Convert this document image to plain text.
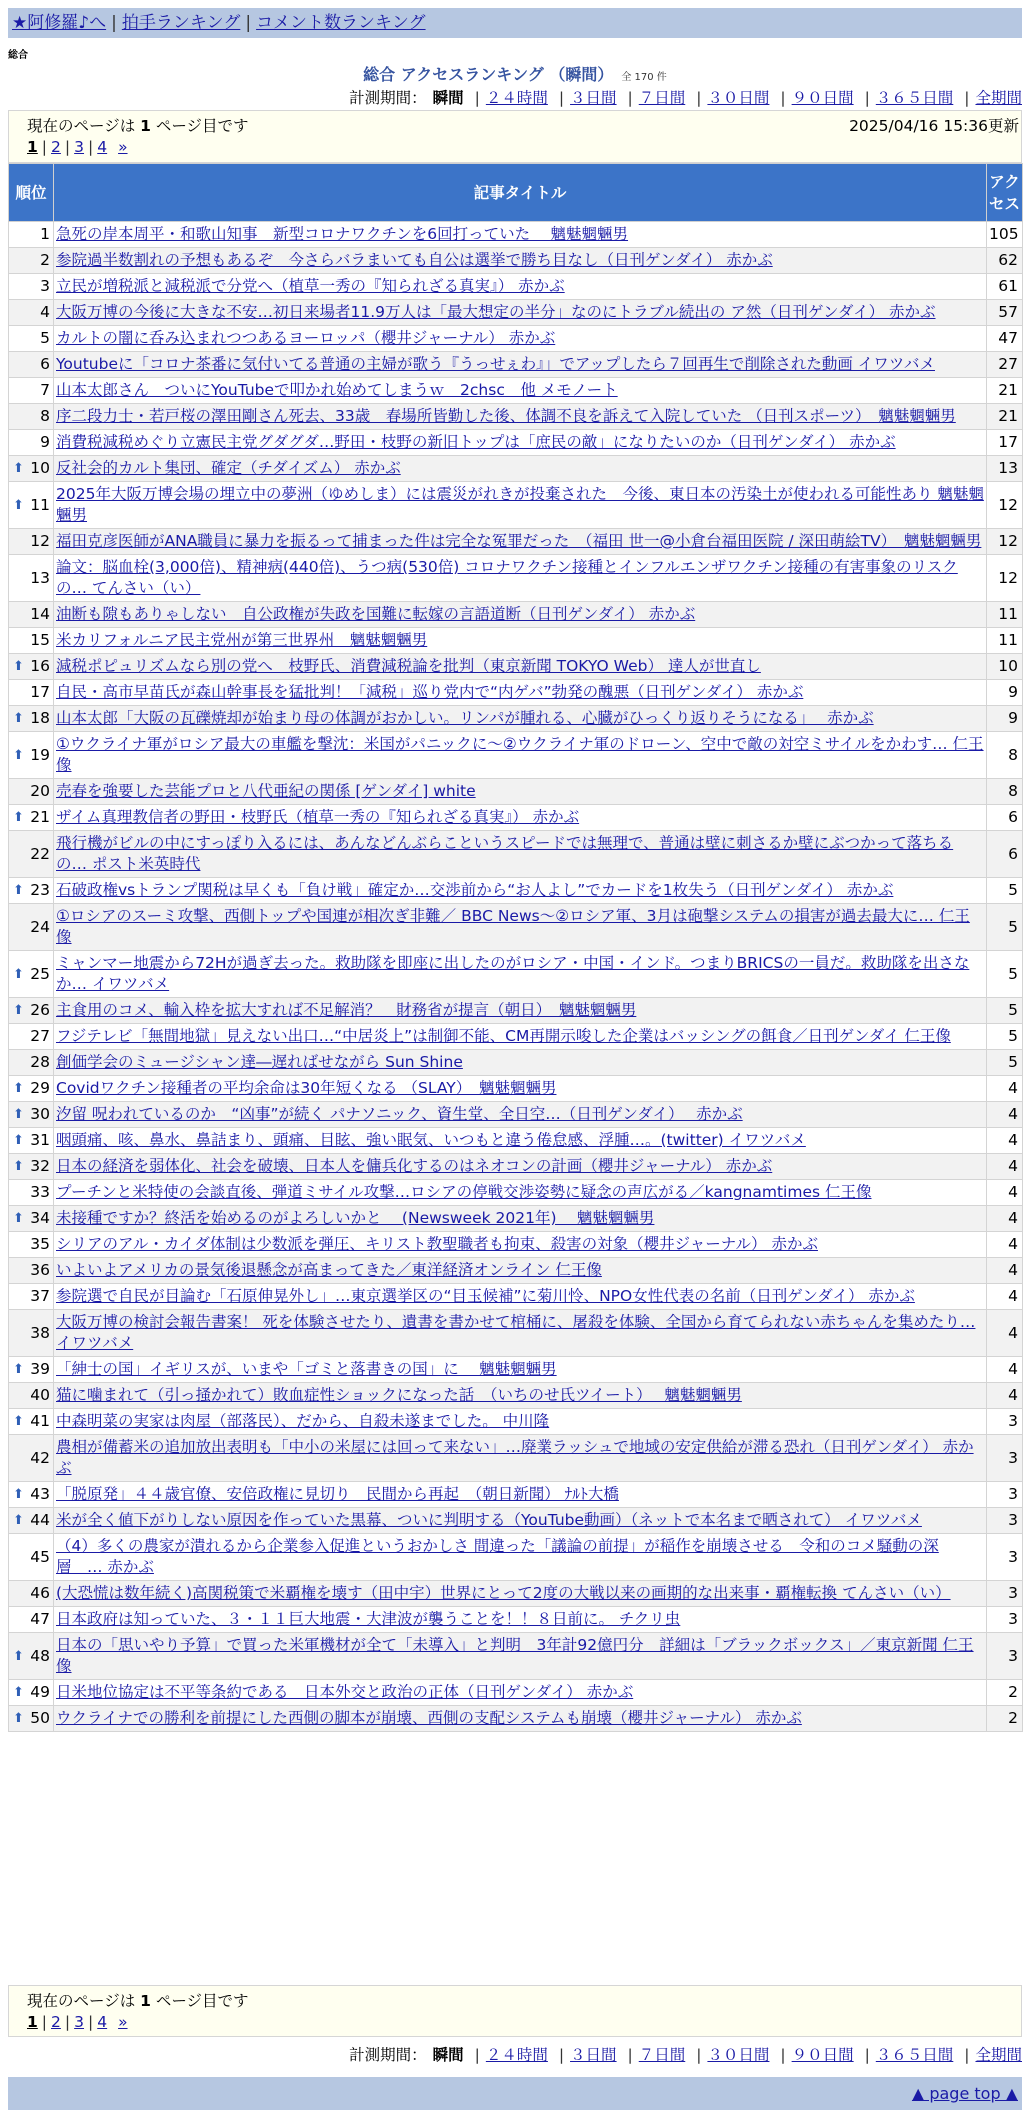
★阿修羅♪へ | 拍手ランキング | コメント数ランキング
総合
総合 アクセスランキング （瞬間） 全 170 件
計測期間： 瞬間 | ２４時間 | ３日間 | ７日間 | ３０日間 | ９０日間 | ３６５日間 | 全期間
現在のページは 1 ページ目です	2025/04/16 15:36更新
1 | 2 | 3 | 4 »
順位	記事タイトル	アクセス
1	急死の岸本周平・和歌山知事　新型コロナワクチンを6回打っていた　 魑魅魍魎男	105
2	参院過半数割れの予想もあるぞ　今さらバラまいても自公は選挙で勝ち目なし（日刊ゲンダイ） 赤かぶ	62
3	立民が増税派と減税派で分党へ（植草一秀の『知られざる真実』） 赤かぶ	61
4	大阪万博の今後に大きな不安…初日来場者11.9万人は「最大想定の半分」なのにトラブル続出の ア然（日刊ゲンダイ） 赤かぶ	57
5	カルトの闇に呑み込まれつつあるヨーロッパ（櫻井ジャーナル） 赤かぶ	47
6	Youtubeに「コロナ茶番に気付いてる普通の主婦が歌う『うっせぇわ』」でアップしたら７回再生で削除された動画 イワツバメ	27
7	山本太郎さん　ついにYouTubeで叩かれ始めてしまうｗ　2chsc　他 メモノート	21
8	序二段力士・若戸桜の澤田剛さん死去、33歳　春場所皆勤した後、体調不良を訴えて入院していた （日刊スポーツ）　魑魅魍魎男	21
9	消費税減税めぐり立憲民主党グダグダ…野田・枝野の新旧トップは「庶民の敵」になりたいのか（日刊ゲンダイ） 赤かぶ	17

⬆ 10	反社会的カルト集団、確定（チダイズム） 赤かぶ	13

⬆ 11	2025年大阪万博会場の埋立中の夢洲（ゆめしま）には震災がれきが投棄された　今後、東日本の汚染土が使われる可能性あり 魑魅魍魎男	12
12	福田克彦医師がANA職員に暴力を振るって捕まった件は完全な冤罪だった　（福田 世一@小倉台福田医院 / 深田萌絵TV）　魑魅魍魎男	12
13	論文：脳血栓(3,000倍)、精神病(440倍)、うつ病(530倍) コロナワクチン接種とインフルエンザワクチン接種の有害事象のリスクの… てんさい（い）	12
14	油断も隙もありゃしない　自公政権が失政を国難に転嫁の言語道断（日刊ゲンダイ） 赤かぶ	11
15	米カリフォルニア民主党州が第三世界州　魑魅魍魎男	11

⬆ 16	減税ポピュリズムなら別の党へ　枝野氏、消費減税論を批判（東京新聞 TOKYO Web） 達人が世直し	10
17	自民・高市早苗氏が森山幹事長を猛批判！「減税」巡り党内で“内ゲバ”勃発の醜悪（日刊ゲンダイ） 赤かぶ	9

⬆ 18	山本太郎「大阪の瓦礫焼却が始まり母の体調がおかしい。リンパが腫れる、心臓がひっくり返りそうになる」　 赤かぶ	9

⬆ 19	①ウクライナ軍がロシア最大の車艦を撃沈：米国がパニックに〜②ウクライナ軍のドローン、空中で敵の対空ミサイルをかわす… 仁王像	8
20	売春を強要した芸能プロと八代亜紀の関係 [ゲンダイ] white	8

⬆ 21	ザイム真理教信者の野田・枝野氏（植草一秀の『知られざる真実』） 赤かぶ	6
22	飛行機がビルの中にすっぽり入るには、あんなどんぶらこというスピードでは無理で、普通は壁に刺さるか壁にぶつかって落ちるの… ポスト米英時代	6

⬆ 23	石破政権vsトランプ関税は早くも「負け戦」確定か…交渉前から“お人よし”でカードを1枚失う（日刊ゲンダイ） 赤かぶ	5
24	①ロシアのスーミ攻撃、西側トップや国連が相次ぎ非難／ BBC News〜②ロシア軍、3月は砲撃システムの損害が過去最大に… 仁王像	5

⬆ 25	ミャンマー地震から72Hが過ぎ去った。救助隊を即座に出したのがロシア・中国・インド。つまりBRICSの一員だ。救助隊を出さなか… イワツバメ	5

⬆ 26	主食用のコメ、輸入枠を拡大すれば不足解消？　財務省が提言（朝日）　魑魅魍魎男	5
27	フジテレビ「無間地獄」見えない出口…“中居炎上”は制御不能、CM再開示唆した企業はバッシングの餌食／日刊ゲンダイ 仁王像	5
28	創価学会のミュージシャン達―遅ればせながら Sun Shine	5

⬆ 29	Covidワクチン接種者の平均余命は30年短くなる （SLAY）　魑魅魍魎男	4

⬆ 30	汐留 呪われているのか　“凶事”が続く パナソニック、資生堂、全日空…（日刊ゲンダイ）　 赤かぶ	4

⬆ 31	咽頭痛、咳、鼻水、鼻詰まり、頭痛、目眩、強い眠気、いつもと違う倦怠感、浮腫…。(twitter) イワツバメ	4

⬆ 32	日本の経済を弱体化、社会を破壊、日本人を傭兵化するのはネオコンの計画（櫻井ジャーナル） 赤かぶ	4
33	プーチンと米特使の会談直後、弾道ミサイル攻撃…ロシアの停戦交渉姿勢に疑念の声広がる／kangnamtimes 仁王像	4

⬆ 34	未接種ですか？終活を始めるのがよろしいかと　 (Newsweek 2021年)　 魑魅魍魎男	4
35	シリアのアル・カイダ体制は少数派を弾圧、キリスト教聖職者も拘束、殺害の対象（櫻井ジャーナル） 赤かぶ	4
36	いよいよアメリカの景気後退懸念が高まってきた／東洋経済オンライン 仁王像	4
37	参院選で自民が目論む「石原伸晃外し」…東京選挙区の“目玉候補”に菊川怜、NPO女性代表の名前（日刊ゲンダイ） 赤かぶ	4
38	大阪万博の検討会報告書案！ 死を体験させたり、遺書を書かせて棺桶に、屠殺を体験、全国から育てられない赤ちゃんを集めたり… イワツバメ	4

⬆ 39	「紳士の国」イギリスが、いまや「ゴミと落書きの国」に　 魑魅魍魎男	4
40	猫に噛まれて（引っ掻かれて）敗血症性ショックになった話　（いちのせ氏ツイート）　 魑魅魍魎男	4

⬆ 41	中森明菜の実家は肉屋（部落民）、だから、自殺未遂までした。 中川隆	3
42	農相が備蓄米の追加放出表明も「中小の米屋には回って来ない」…廃業ラッシュで地域の安定供給が滞る恐れ（日刊ゲンダイ） 赤かぶ	3

⬆ 43	「脱原発」４４歳官僚、安倍政権に見切り　民間から再起　（朝日新聞） ﾅﾙﾄ大橋	3

⬆ 44	米が全く値下がりしない原因を作っていた黒幕、ついに判明する（YouTube動画）（ネットで本名まで晒されて） イワツバメ	3
45	（4）多くの農家が潰れるから企業参入促進というおかしさ 間違った「議論の前提」が稲作を崩壊させる　令和のコメ騒動の深層　… 赤かぶ	3
46	(大恐慌は数年続く)高関税策で米覇権を壊す（田中宇）世界にとって2度の大戦以来の画期的な出来事・覇権転換 てんさい（い）	3
47	日本政府は知っていた、３・１１巨大地震・大津波が襲うことを！！８日前に。 チクリ虫	3

⬆ 48	日本の「思いやり予算」で買った米軍機材が全て「未導入」と判明　3年計92億円分　詳細は「ブラックボックス」／東京新聞 仁王像	3

⬆ 49	日米地位協定は不平等条約である　日本外交と政治の正体（日刊ゲンダイ） 赤かぶ	2

⬆ 50	ウクライナでの勝利を前提にした西側の脚本が崩壊、西側の支配システムも崩壊（櫻井ジャーナル） 赤かぶ	2
現在のページは 1 ページ目です
1 | 2 | 3 | 4 »
計測期間： 瞬間 | ２４時間 | ３日間 | ７日間 | ３０日間 | ９０日間 | ３６５日間 | 全期間
▲ page top ▲
